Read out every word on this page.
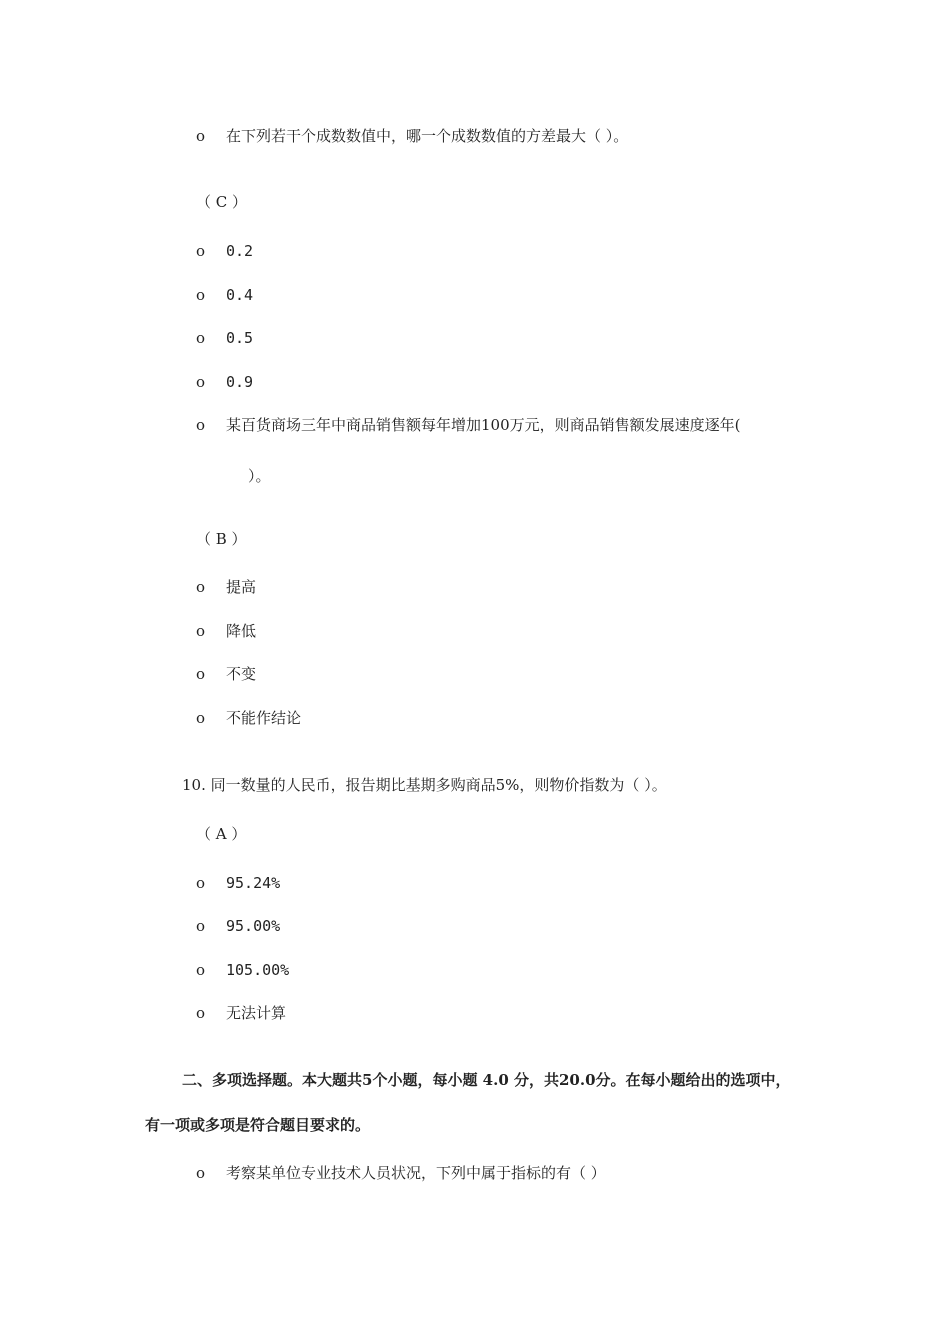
o 在下列若干个成数数值中，哪一个成数数值的方差最大（ ）。
（ C ）
o 0.2
o 0.4
o 0.5
o 0.9
o 某百货商场三年中商品销售额每年增加100万元，则商品销售额发展速度逐年(
）。
（ B ）
o 提高
o 降低
o 不变
o 不能作结论
10. 同一数量的人民币，报告期比基期多购商品5%，则物价指数为（ ）。
（ A ）
o 95.24%
o 95.00%
o 105.00%
o 无法计算
二、多项选择题。本大题共5个小题，每小题 4.0 分，共20.0分。在每小题给出的选项中，
有一项或多项是符合题目要求的。
o 考察某单位专业技术人员状况，下列中属于指标的有（ ）
